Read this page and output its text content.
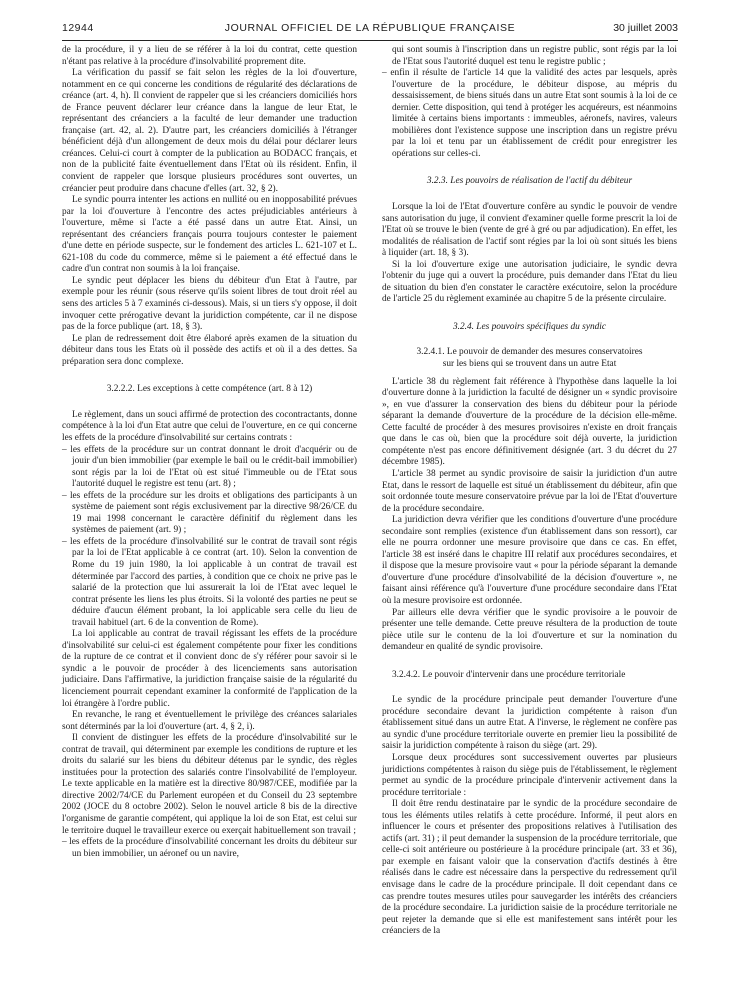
12944	JOURNAL OFFICIEL DE LA RÉPUBLIQUE FRANÇAISE	30 juillet 2003

de la procédure, il y a lieu de se référer à la loi du contrat, cette question n'étant pas relative à la procédure d'insolvabilité proprement dite.

La vérification du passif se fait selon les règles de la loi d'ouverture, notamment en ce qui concerne les conditions de régularité des déclarations de créance (art. 4, h). Il convient de rappeler que si les créanciers domiciliés hors de France peuvent déclarer leur créance dans la langue de leur Etat, le représentant des créanciers a la faculté de leur demander une traduction française (art. 42, al. 2). D'autre part, les créanciers domiciliés à l'étranger bénéficient déjà d'un allongement de deux mois du délai pour déclarer leurs créances. Celui-ci court à compter de la publication au BODACC français, et non de la publicité faite éventuellement dans l'Etat où ils résident. Enfin, il convient de rappeler que lorsque plusieurs procédures sont ouvertes, un créancier peut produire dans chacune d'elles (art. 32, § 2).

Le syndic pourra intenter les actions en nullité ou en inopposabilité prévues par la loi d'ouverture à l'encontre des actes préjudiciables antérieurs à l'ouverture, même si l'acte a été passé dans un autre Etat. Ainsi, un représentant des créanciers français pourra toujours contester le paiement d'une dette en période suspecte, sur le fondement des articles L. 621-107 et L. 621-108 du code du commerce, même si le paiement a été effectué dans le cadre d'un contrat non soumis à la loi française.

Le syndic peut déplacer les biens du débiteur d'un Etat à l'autre, par exemple pour les réunir (sous réserve qu'ils soient libres de tout droit réel au sens des articles 5 à 7 examinés ci-dessous). Mais, si un tiers s'y oppose, il doit invoquer cette prérogative devant la juridiction compétente, car il ne dispose pas de la force publique (art. 18, § 3).

Le plan de redressement doit être élaboré après examen de la situation du débiteur dans tous les Etats où il possède des actifs et où il a des dettes. Sa préparation sera donc complexe.

3.2.2.2. Les exceptions à cette compétence (art. 8 à 12)

Le règlement, dans un souci affirmé de protection des cocontractants, donne compétence à la loi d'un Etat autre que celui de l'ouverture, en ce qui concerne les effets de la procédure d'insolvabilité sur certains contrats :

– les effets de la procédure sur un contrat donnant le droit d'acquérir ou de jouir d'un bien immobilier (par exemple le bail ou le crédit-bail immobilier) sont régis par la loi de l'Etat où est situé l'immeuble ou de l'Etat sous l'autorité duquel le registre est tenu (art. 8) ;
– les effets de la procédure sur les droits et obligations des participants à un système de paiement sont régis exclusivement par la directive 98/26/CE du 19 mai 1998 concernant le caractère définitif du règlement dans les systèmes de paiement (art. 9) ;
– les effets de la procédure d'insolvabilité sur le contrat de travail sont régis par la loi de l'Etat applicable à ce contrat (art. 10). Selon la convention de Rome du 19 juin 1980, la loi applicable à un contrat de travail est déterminée par l'accord des parties, à condition que ce choix ne prive pas le salarié de la protection que lui assurerait la loi de l'Etat avec lequel le contrat présente les liens les plus étroits. Si la volonté des parties ne peut se déduire d'aucun élément probant, la loi applicable sera celle du lieu de travail habituel (art. 6 de la convention de Rome).

La loi applicable au contrat de travail régissant les effets de la procédure d'insolvabilité sur celui-ci est également compétente pour fixer les conditions de la rupture de ce contrat et il convient donc de s'y référer pour savoir si le syndic a le pouvoir de procéder à des licenciements sans autorisation judiciaire. Dans l'affirmative, la juridiction française saisie de la régularité du licenciement pourrait cependant examiner la conformité de l'application de la loi étrangère à l'ordre public.

En revanche, le rang et éventuellement le privilège des créances salariales sont déterminés par la loi d'ouverture (art. 4, § 2, i).

Il convient de distinguer les effets de la procédure d'insolvabilité sur le contrat de travail, qui déterminent par exemple les conditions de rupture et les droits du salarié sur les biens du débiteur détenus par le syndic, des règles instituées pour la protection des salariés contre l'insolvabilité de l'employeur. Le texte applicable en la matière est la directive 80/987/CEE, modifiée par la directive 2002/74/CE du Parlement européen et du Conseil du 23 septembre 2002 (JOCE du 8 octobre 2002). Selon le nouvel article 8 bis de la directive l'organisme de garantie compétent, qui applique la loi de son Etat, est celui sur le territoire duquel le travailleur exerce ou exerçait habituellement son travail ;

– les effets de la procédure d'insolvabilité concernant les droits du débiteur sur un bien immobilier, un aéronef ou un navire,

qui sont soumis à l'inscription dans un registre public, sont régis par la loi de l'Etat sous l'autorité duquel est tenu le registre public ;

– enfin il résulte de l'article 14 que la validité des actes par lesquels, après l'ouverture de la procédure, le débiteur dispose, au mépris du dessaisissement, de biens situés dans un autre Etat sont soumis à la loi de ce dernier. Cette disposition, qui tend à protéger les acquéreurs, est néanmoins limitée à certains biens importants : immeubles, aéronefs, navires, valeurs mobilières dont l'existence suppose une inscription dans un registre prévu par la loi et tenu par un établissement de crédit pour enregistrer les opérations sur celles-ci.

3.2.3. Les pouvoirs de réalisation de l'actif du débiteur

Lorsque la loi de l'Etat d'ouverture confère au syndic le pouvoir de vendre sans autorisation du juge, il convient d'examiner quelle forme prescrit la loi de l'Etat où se trouve le bien (vente de gré à gré ou par adjudication). En effet, les modalités de réalisation de l'actif sont régies par la loi où sont situés les biens à liquider (art. 18, § 3).

Si la loi d'ouverture exige une autorisation judiciaire, le syndic devra l'obtenir du juge qui a ouvert la procédure, puis demander dans l'Etat du lieu de situation du bien d'en constater le caractère exécutoire, selon la procédure de l'article 25 du règlement examinée au chapitre 5 de la présente circulaire.

3.2.4. Les pouvoirs spécifiques du syndic

3.2.4.1. Le pouvoir de demander des mesures conservatoires
sur les biens qui se trouvent dans un autre Etat

L'article 38 du règlement fait référence à l'hypothèse dans laquelle la loi d'ouverture donne à la juridiction la faculté de désigner un « syndic provisoire », en vue d'assurer la conservation des biens du débiteur pour la période séparant la demande d'ouverture de la procédure de la décision elle-même. Cette faculté de procéder à des mesures provisoires n'existe en droit français que dans le cas où, bien que la procédure soit déjà ouverte, la juridiction compétente n'est pas encore définitivement désignée (art. 3 du décret du 27 décembre 1985).

L'article 38 permet au syndic provisoire de saisir la juridiction d'un autre Etat, dans le ressort de laquelle est situé un établissement du débiteur, afin que soit ordonnée toute mesure conservatoire prévue par la loi de l'Etat d'ouverture de la procédure secondaire.

La juridiction devra vérifier que les conditions d'ouverture d'une procédure secondaire sont remplies (existence d'un établissement dans son ressort), car elle ne pourra ordonner une mesure provisoire que dans ce cas. En effet, l'article 38 est inséré dans le chapitre III relatif aux procédures secondaires, et il dispose que la mesure provisoire vaut « pour la période séparant la demande d'ouverture d'une procédure d'insolvabilité de la décision d'ouverture », ne faisant ainsi référence qu'à l'ouverture d'une procédure secondaire dans l'Etat où la mesure provisoire est ordonnée.

Par ailleurs elle devra vérifier que le syndic provisoire a le pouvoir de présenter une telle demande. Cette preuve résultera de la production de toute pièce utile sur le contenu de la loi d'ouverture et sur la nomination du demandeur en qualité de syndic provisoire.

3.2.4.2. Le pouvoir d'intervenir dans une procédure territoriale

Le syndic de la procédure principale peut demander l'ouverture d'une procédure secondaire devant la juridiction compétente à raison d'un établissement situé dans un autre Etat. A l'inverse, le règlement ne confère pas au syndic d'une procédure territoriale ouverte en premier lieu la possibilité de saisir la juridiction compétente à raison du siège (art. 29).

Lorsque deux procédures sont successivement ouvertes par plusieurs juridictions compétentes à raison du siège puis de l'établissement, le règlement permet au syndic de la procédure principale d'intervenir activement dans la procédure territoriale :

Il doit être rendu destinataire par le syndic de la procédure secondaire de tous les éléments utiles relatifs à cette procédure. Informé, il peut alors en influencer le cours et présenter des propositions relatives à l'utilisation des actifs (art. 31) ; il peut demander la suspension de la procédure territoriale, que celle-ci soit antérieure ou postérieure à la procédure principale (art. 33 et 36), par exemple en faisant valoir que la conservation d'actifs destinés à être réalisés dans le cadre est nécessaire dans la perspective du redressement qu'il envisage dans le cadre de la procédure principale. Il doit cependant dans ce cas prendre toutes mesures utiles pour sauvegarder les intérêts des créanciers de la procédure secondaire. La juridiction saisie de la procédure territoriale ne peut rejeter la demande que si elle est manifestement sans intérêt pour les créanciers de la
